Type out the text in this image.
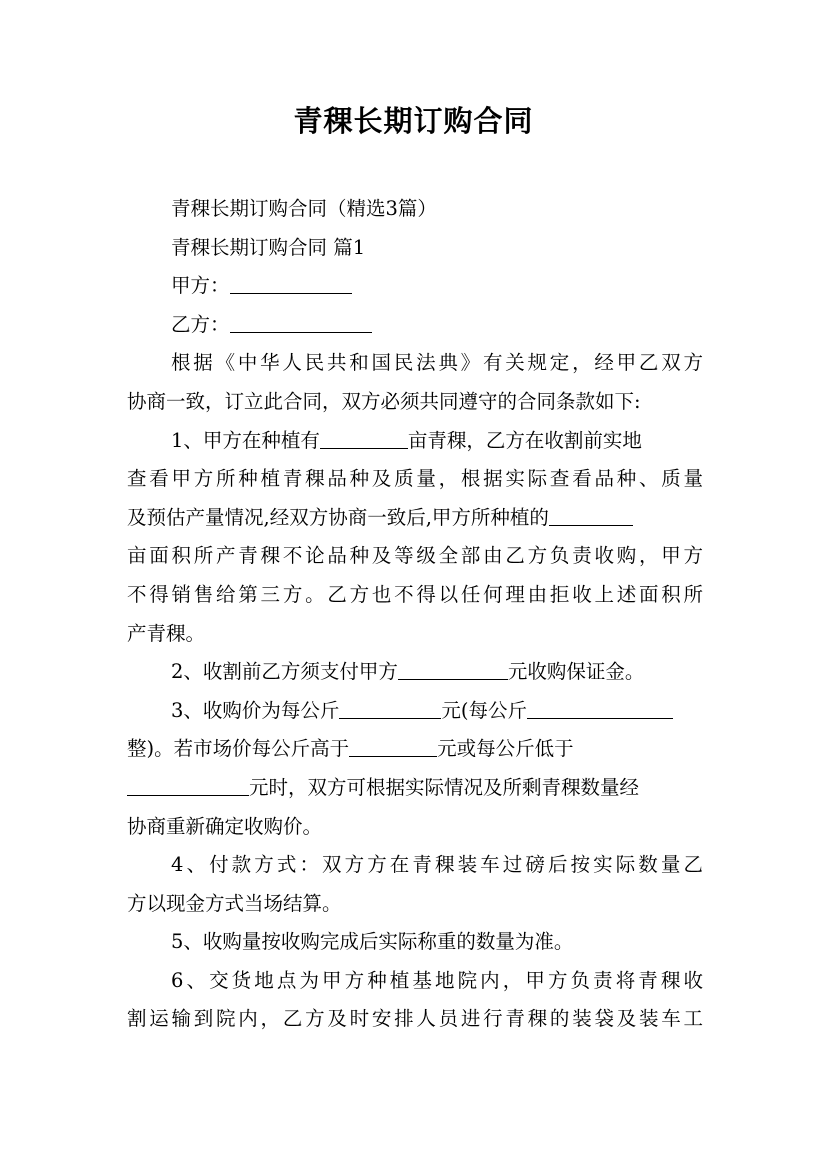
青稞长期订购合同
青稞长期订购合同（精选3篇）
青稞长期订购合同 篇1
甲方：
乙方：
根据《中华人民共和国民法典》有关规定，经甲乙双方
协商一致，订立此合同，双方必须共同遵守的合同条款如下:
1、甲方在种植有	亩青稞，乙方在收割前实地
查看甲方所种植青稞品种及质量，根据实际查看品种、质量
及预估产量情况,经双方协商一致后,甲方所种植的
亩面积所产青稞不论品种及等级全部由乙方负责收购，甲方
不得销售给第三方。乙方也不得以任何理由拒收上述面积所
产青稞。
2、收割前乙方须支付甲方	元收购保证金。
3、收购价为每公斤	元(每公斤
整)。若市场价每公斤高于	元或每公斤低于
元时，双方可根据实际情况及所剩青稞数量经
协商重新确定收购价。
4、付款方式：双方方在青稞装车过磅后按实际数量乙
方以现金方式当场结算。
5、收购量按收购完成后实际称重的数量为准。
6、交货地点为甲方种植基地院内，甲方负责将青稞收
割运输到院内，乙方及时安排人员进行青稞的装袋及装车工
